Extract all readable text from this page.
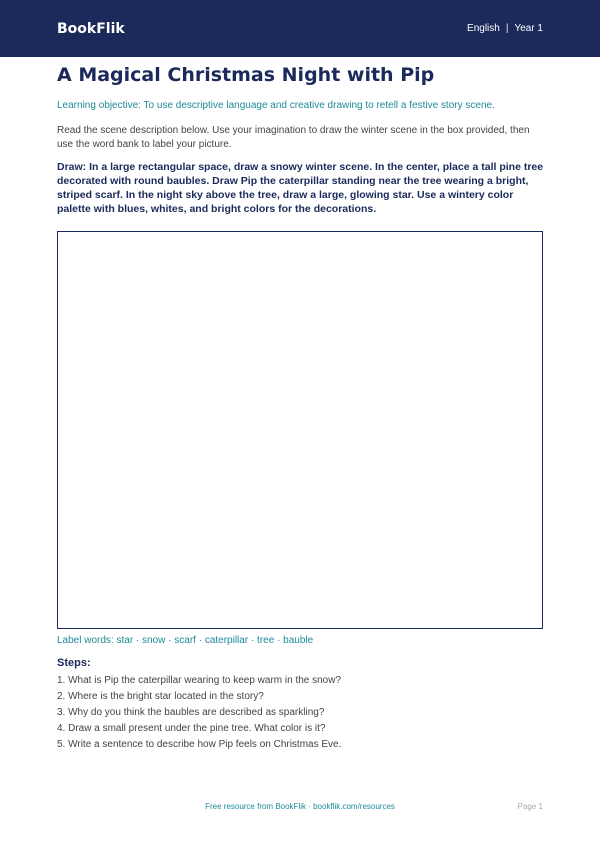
BookFlik	English | Year 1
A Magical Christmas Night with Pip
Learning objective: To use descriptive language and creative drawing to retell a festive story scene.
Read the scene description below. Use your imagination to draw the winter scene in the box provided, then use the word bank to label your picture.
Draw: In a large rectangular space, draw a snowy winter scene. In the center, place a tall pine tree decorated with round baubles. Draw Pip the caterpillar standing near the tree wearing a bright, striped scarf. In the night sky above the tree, draw a large, glowing star. Use a wintery color palette with blues, whites, and bright colors for the decorations.
Label words: star · snow · scarf · caterpillar · tree · bauble
Steps:
1. What is Pip the caterpillar wearing to keep warm in the snow?
2. Where is the bright star located in the story?
3. Why do you think the baubles are described as sparkling?
4. Draw a small present under the pine tree. What color is it?
5. Write a sentence to describe how Pip feels on Christmas Eve.
Free resource from BookFlik · bookflik.com/resources	Page 1
